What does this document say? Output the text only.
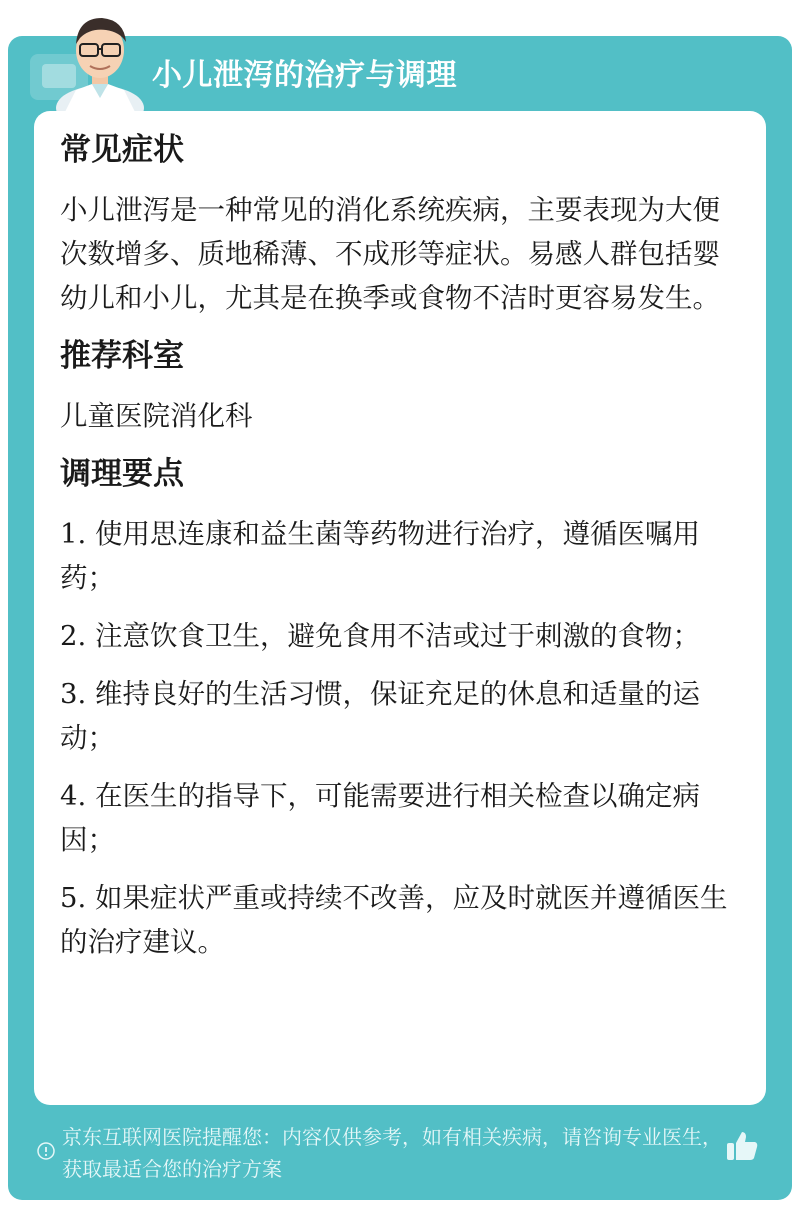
小儿泄泻的治疗与调理
常见症状

小儿泄泻是一种常见的消化系统疾病，主要表现为大便次数增多、质地稀薄、不成形等症状。易感人群包括婴幼儿和小儿，尤其是在换季或食物不洁时更容易发生。

推荐科室

儿童医院消化科

调理要点

1. 使用思连康和益生菌等药物进行治疗，遵循医嘱用药；

2. 注意饮食卫生，避免食用不洁或过于刺激的食物；

3. 维持良好的生活习惯，保证充足的休息和适量的运动；

4. 在医生的指导下，可能需要进行相关检查以确定病因；

5. 如果症状严重或持续不改善，应及时就医并遵循医生的治疗建议。

京东互联网医院提醒您：内容仅供参考，如有相关疾病，请咨询专业医生，获取最适合您的治疗方案
